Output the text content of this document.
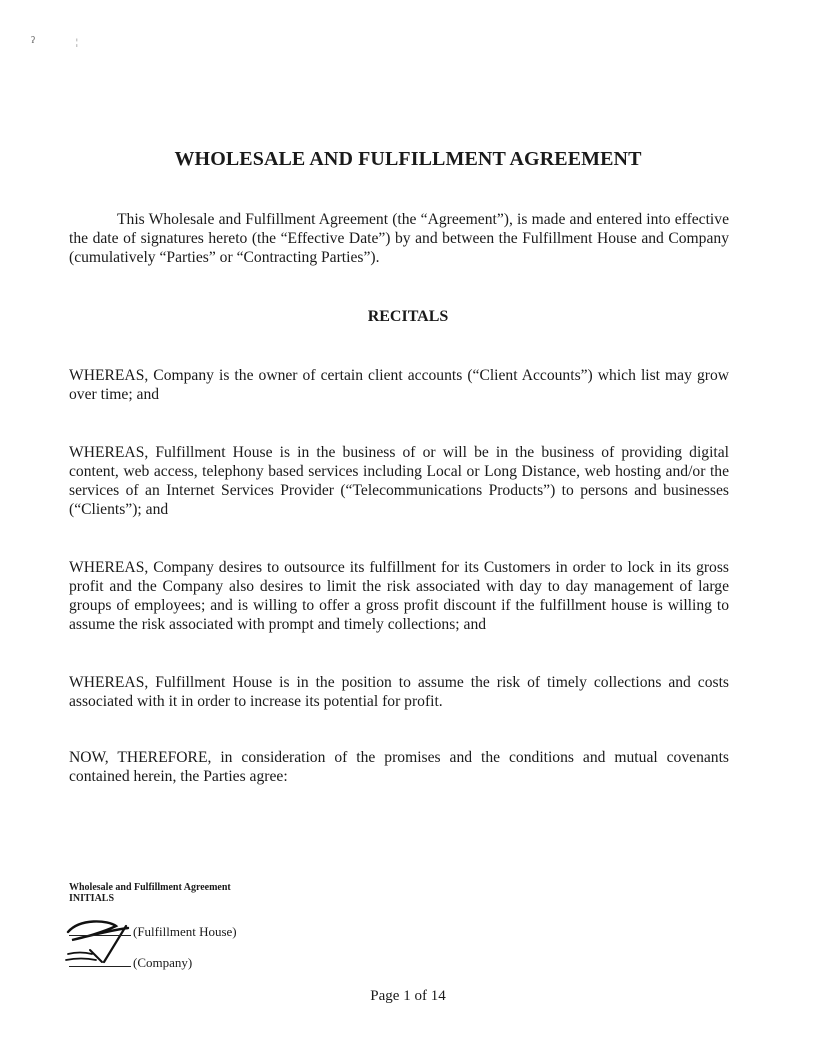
ʔ	¦
WHOLESALE AND FULFILLMENT AGREEMENT

This Wholesale and Fulfillment Agreement (the “Agreement”), is made and entered into effective the date of signatures hereto (the “Effective Date”) by and between the Fulfillment House and Company (cumulatively “Parties” or “Contracting Parties”).

RECITALS

WHEREAS, Company is the owner of certain client accounts (“Client Accounts”) which list may grow over time; and

WHEREAS, Fulfillment House is in the business of or will be in the business of providing digital content, web access, telephony based services including Local or Long Distance, web hosting and/or the services of an Internet Services Provider (“Telecommunications Products”) to persons and businesses (“Clients”); and

WHEREAS, Company desires to outsource its fulfillment for its Customers in order to lock in its gross profit and the Company also desires to limit the risk associated with day to day management of large groups of employees; and is willing to offer a gross profit discount if the fulfillment house is willing to assume the risk associated with prompt and timely collections; and

WHEREAS, Fulfillment House is in the position to assume the risk of timely collections and costs associated with it in order to increase its potential for profit.

NOW, THEREFORE, in consideration of the promises and the conditions and mutual covenants contained herein, the Parties agree:

Wholesale and Fulfillment Agreement

INITIALS

(Fulfillment House)
(Company)

Page 1 of 14
